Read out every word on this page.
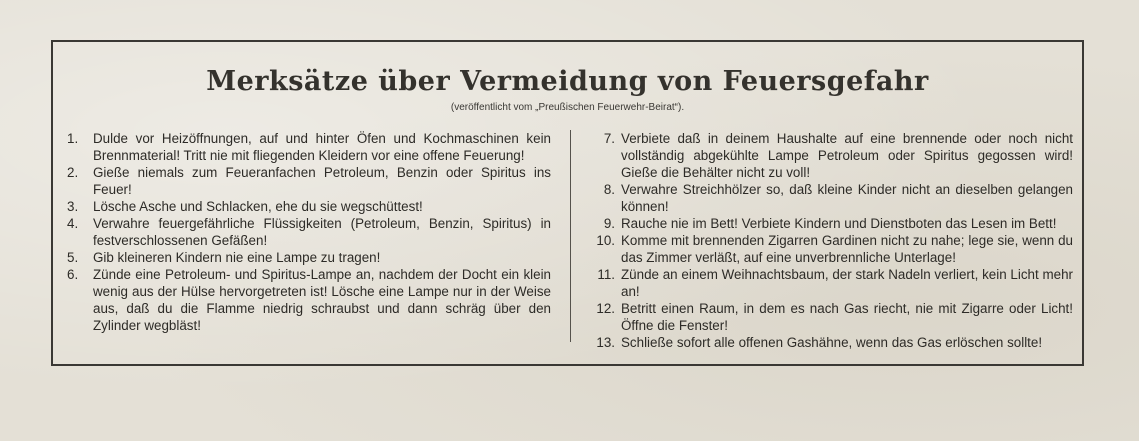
Merksätze über Vermeidung von Feuersgefahr
(veröffentlicht vom „Preußischen Feuerwehr-Beirat“).
1.	Dulde vor Heizöffnungen, auf und hinter Öfen und Kochmaschinen kein Brennmaterial! Tritt nie mit fliegenden Kleidern vor eine offene Feuerung!
2.	Gieße niemals zum Feueranfachen Petroleum, Benzin oder Spiritus ins Feuer!
3.	Lösche Asche und Schlacken, ehe du sie wegschüttest!
4.	Verwahre feuergefährliche Flüssigkeiten (Petroleum, Benzin, Spiritus) in festverschlossenen Gefäßen!
5.	Gib kleineren Kindern nie eine Lampe zu tragen!
6.	Zünde eine Petroleum- und Spiritus-Lampe an, nachdem der Docht ein klein wenig aus der Hülse hervorgetreten ist! Lösche eine Lampe nur in der Weise aus, daß du die Flamme niedrig schraubst und dann schräg über den Zylinder wegbläst!
7. Verbiete daß in deinem Haushalte auf eine brennende oder noch nicht vollständig abgekühlte Lampe Petroleum oder Spiritus gegossen wird! Gieße die Behälter nicht zu voll!
8. Verwahre Streichhölzer so, daß kleine Kinder nicht an dieselben gelangen können!
9. Rauche nie im Bett! Verbiete Kindern und Dienstboten das Lesen im Bett!
10. Komme mit brennenden Zigarren Gardinen nicht zu nahe; lege sie, wenn du das Zimmer verläßt, auf eine unverbrennliche Unterlage!
11. Zünde an einem Weihnachtsbaum, der stark Nadeln verliert, kein Licht mehr an!
12. Betritt einen Raum, in dem es nach Gas riecht, nie mit Zigarre oder Licht! Öffne die Fenster!
13. Schließe sofort alle offenen Gashähne, wenn das Gas erlöschen sollte!
